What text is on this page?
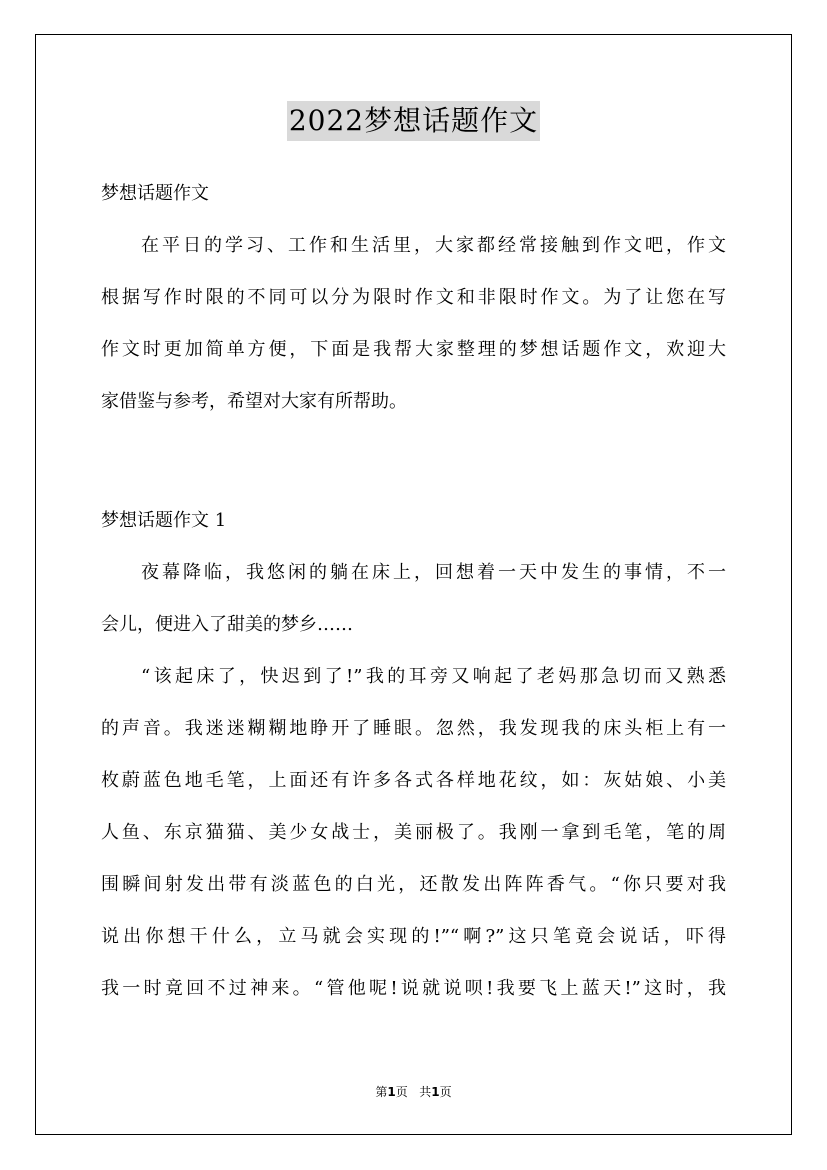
2022梦想话题作文
梦想话题作文
在平日的学习、工作和生活里，大家都经常接触到作文吧，作文
根据写作时限的不同可以分为限时作文和非限时作文。为了让您在写
作文时更加简单方便，下面是我帮大家整理的梦想话题作文，欢迎大
家借鉴与参考，希望对大家有所帮助。
梦想话题作文 1
夜幕降临，我悠闲的躺在床上，回想着一天中发生的事情，不一
会儿，便进入了甜美的梦乡……
“该起床了，快迟到了!”我的耳旁又响起了老妈那急切而又熟悉
的声音。我迷迷糊糊地睁开了睡眼。忽然，我发现我的床头柜上有一
枚蔚蓝色地毛笔，上面还有许多各式各样地花纹，如：灰姑娘、小美
人鱼、东京猫猫、美少女战士，美丽极了。我刚一拿到毛笔，笔的周
围瞬间射发出带有淡蓝色的白光，还散发出阵阵香气。“你只要对我
说出你想干什么，立马就会实现的!”“啊?”这只笔竟会说话，吓得
我一时竟回不过神来。“管他呢!说就说呗!我要飞上蓝天!”这时，我
第1页   共1页
